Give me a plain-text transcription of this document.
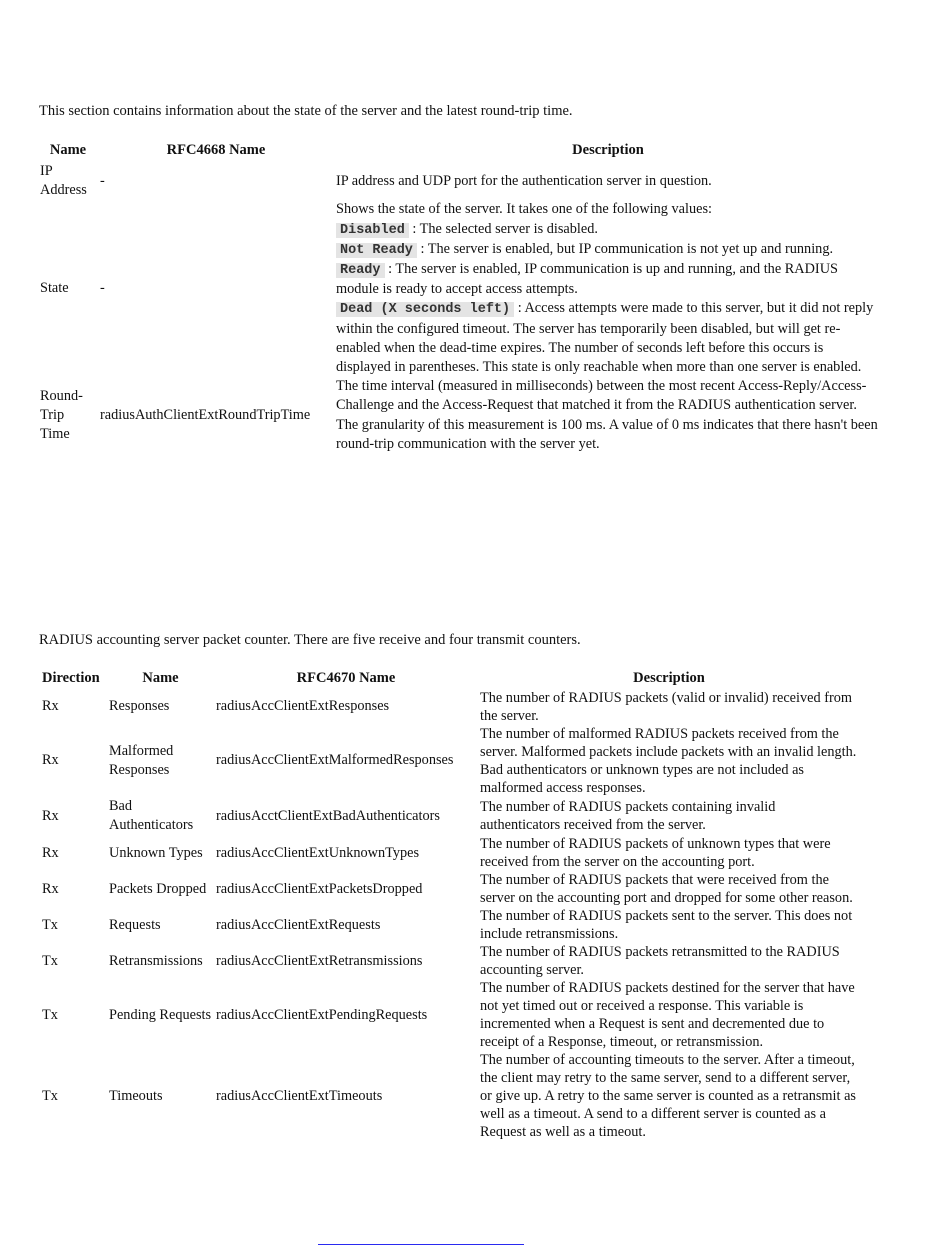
This section contains information about the state of the server and the latest round-trip time.

Name	RFC4668 Name	Description
IP Address	-	IP address and UDP port for the authentication server in question.
State	-	Shows the state of the server. It takes one of the following values:
Disabled : The selected server is disabled.
Not Ready : The server is enabled, but IP communication is not yet up and running.
Ready : The server is enabled, IP communication is up and running, and the RADIUS module is ready to accept access attempts.
Dead (X seconds left) : Access attempts were made to this server, but it did not reply within the configured timeout. The server has temporarily been disabled, but will get re-enabled when the dead-time expires. The number of seconds left before this occurs is displayed in parentheses. This state is only reachable when more than one server is enabled.
Round-Trip Time	radiusAuthClientExtRoundTripTime	The time interval (measured in milliseconds) between the most recent Access-Reply/Access-Challenge and the Access-Request that matched it from the RADIUS authentication server. The granularity of this measurement is 100 ms. A value of 0 ms indicates that there hasn't been round-trip communication with the server yet.

RADIUS accounting server packet counter. There are five receive and four transmit counters.

Direction	Name	RFC4670 Name	Description
Rx	Responses	radiusAccClientExtResponses	The number of RADIUS packets (valid or invalid) received from the server.
Rx	Malformed Responses	radiusAccClientExtMalformedResponses	The number of malformed RADIUS packets received from the server. Malformed packets include packets with an invalid length. Bad authenticators or unknown types are not included as malformed access responses.
Rx	Bad Authenticators	radiusAcctClientExtBadAuthenticators	The number of RADIUS packets containing invalid authenticators received from the server.
Rx	Unknown Types	radiusAccClientExtUnknownTypes	The number of RADIUS packets of unknown types that were received from the server on the accounting port.
Rx	Packets Dropped	radiusAccClientExtPacketsDropped	The number of RADIUS packets that were received from the server on the accounting port and dropped for some other reason.
Tx	Requests	radiusAccClientExtRequests	The number of RADIUS packets sent to the server. This does not include retransmissions.
Tx	Retransmissions	radiusAccClientExtRetransmissions	The number of RADIUS packets retransmitted to the RADIUS accounting server.
Tx	Pending Requests	radiusAccClientExtPendingRequests	The number of RADIUS packets destined for the server that have not yet timed out or received a response. This variable is incremented when a Request is sent and decremented due to receipt of a Response, timeout, or retransmission.
Tx	Timeouts	radiusAccClientExtTimeouts	The number of accounting timeouts to the server. After a timeout, the client may retry to the same server, send to a different server, or give up. A retry to the same server is counted as a retransmit as well as a timeout. A send to a different server is counted as a Request as well as a timeout.
